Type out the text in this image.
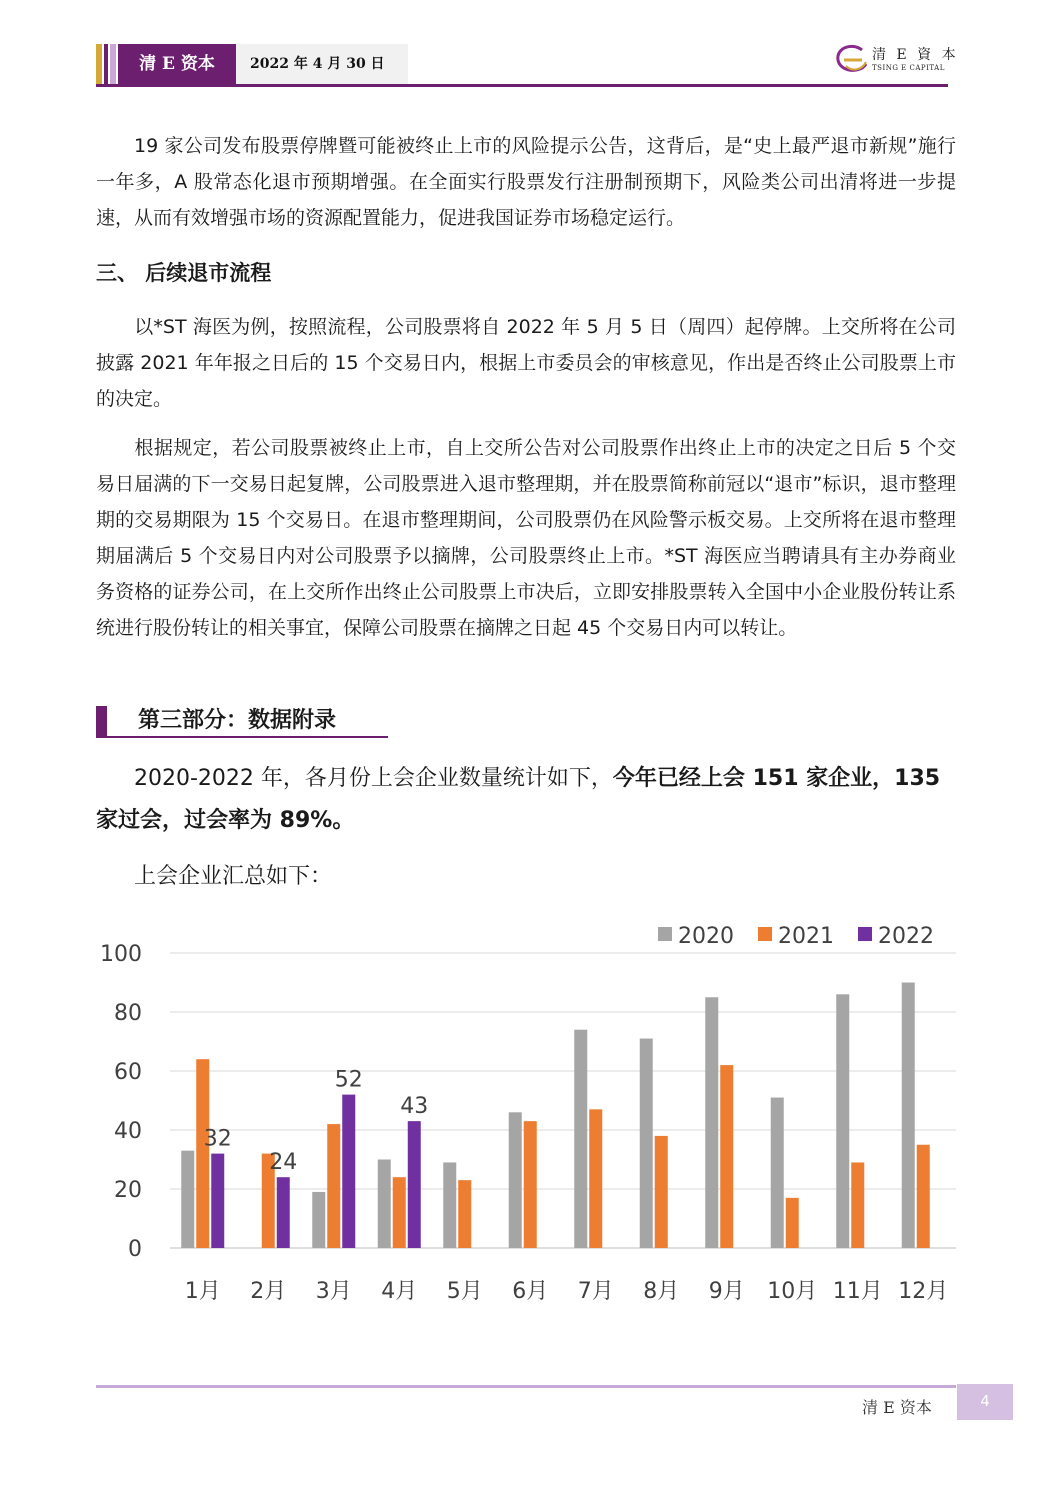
清 E 资本	2022 年 4 月 30 日
清 E 資 本
TSING E CAPITAL

19 家公司发布股票停牌暨可能被终止上市的风险提示公告，这背后，是“史上最严退市新规”施行一年多，A 股常态化退市预期增强。在全面实行股票发行注册制预期下，风险类公司出清将进一步提速，从而有效增强市场的资源配置能力，促进我国证券市场稳定运行。

三、 后续退市流程

以*ST 海医为例，按照流程，公司股票将自 2022 年 5 月 5 日（周四）起停牌。上交所将在公司披露 2021 年年报之日后的 15 个交易日内，根据上市委员会的审核意见，作出是否终止公司股票上市的决定。

根据规定，若公司股票被终止上市，自上交所公告对公司股票作出终止上市的决定之日后 5 个交易日届满的下一交易日起复牌，公司股票进入退市整理期，并在股票简称前冠以“退市”标识，退市整理期的交易期限为 15 个交易日。在退市整理期间，公司股票仍在风险警示板交易。上交所将在退市整理期届满后 5 个交易日内对公司股票予以摘牌，公司股票终止上市。*ST 海医应当聘请具有主办券商业务资格的证券公司，在上交所作出终止公司股票上市决后，立即安排股票转入全国中小企业股份转让系统进行股份转让的相关事宜，保障公司股票在摘牌之日起 45 个交易日内可以转让。

第三部分：数据附录

2020-2022 年，各月份上会企业数量统计如下，今年已经上会 151 家企业，135 家过会，过会率为 89%。

上会企业汇总如下：

0
20
40
60
80
100
32
1月
24
2月
52
3月
43
4月 5月 6月 7月 8月 9月 10月 11月 12月
2020 2021 2022
清 E 资本	4
